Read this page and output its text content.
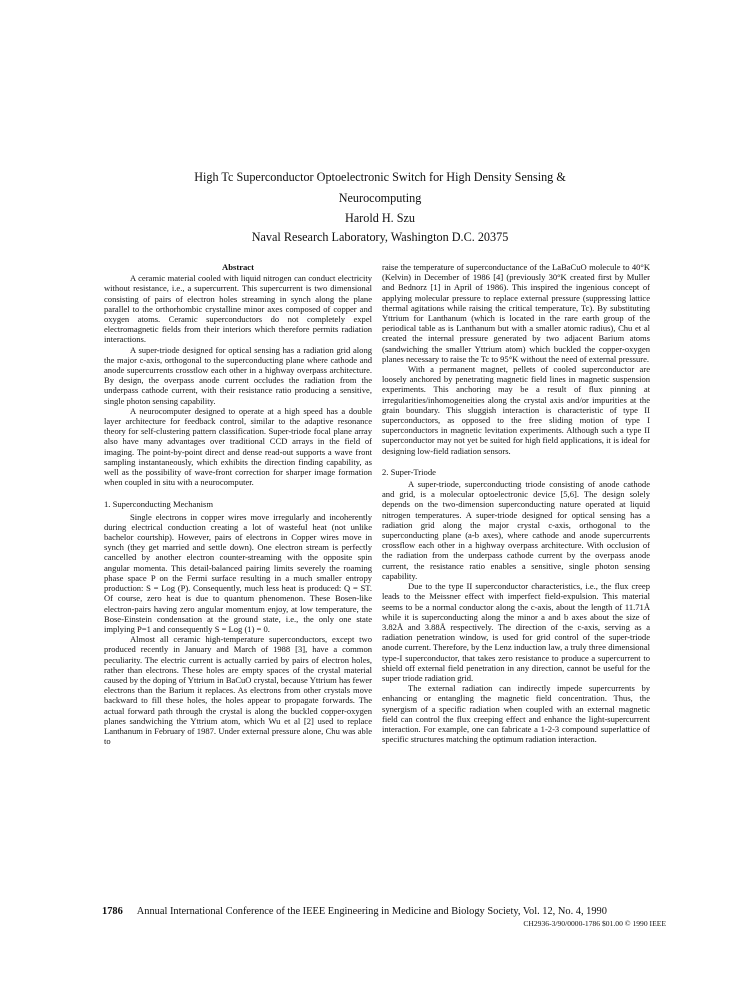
High Tc Superconductor Optoelectronic Switch for High Density Sensing &
Neurocomputing
Harold H. Szu
Naval Research Laboratory, Washington D.C. 20375
Abstract

A ceramic material cooled with liquid nitrogen can conduct electricity without resistance, i.e., a supercurrent. This supercurrent is two dimensional consisting of pairs of electron holes streaming in synch along the plane parallel to the orthorhombic crystalline minor axes composed of copper and oxygen atoms. Ceramic superconductors do not completely expel electromagnetic fields from their interiors which therefore permits radiation interactions.

A super-triode designed for optical sensing has a radiation grid along the major c-axis, orthogonal to the superconducting plane where cathode and anode supercurrents crosstlow each other in a highway overpass architecture. By design, the overpass anode current occludes the radiation from the underpass cathode current, with their resistance ratio producing a sensitive, single photon sensing capability.

A neurocomputer designed to operate at a high speed has a double layer architecture for feedback control, similar to the adaptive resonance theory for self-clustering pattern classification. Super-triode focal plane array also have many advantages over traditional CCD arrays in the field of imaging. The point-by-point direct and dense read-out supports a wave front sampling instantaneously, which exhibits the direction finding capability, as well as the possibility of wave-front correction for sharper image formation when coupled in situ with a neurocomputer.

1. Superconducting Mechanism

Single electrons in copper wires move irregularly and incoherently during electrical conduction creating a lot of wasteful heat (not unlike bachelor courtship). However, pairs of electrons in Copper wires move in synch (they get married and settle down). One electron stream is perfectly cancelled by another electron counter-streaming with the opposite spin angular momenta. This detail-balanced pairing limits severely the roaming phase space P on the Fermi surface resulting in a much smaller entropy production: S = Log (P). Consequently, much less heat is produced: Q = ST. Of course, zero heat is due to quantum phenomenon. These Bosen-like electron-pairs having zero angular momentum enjoy, at low temperature, the Bose-Einstein condensation at the ground state, i.e., the only one state implying P=1 and consequently S = Log (1) = 0.

Almost all ceramic high-temperature superconductors, except two produced recently in January and March of 1988 [3], have a common peculiarity. The electric current is actually carried by pairs of electron holes, rather than electrons. These holes are empty spaces of the crystal material caused by the doping of Yttrium in BaCuO crystal, because Yttrium has fewer electrons than the Barium it replaces. As electrons from other crystals move backward to fill these holes, the holes appear to propagate forwards. The actual forward path through the crystal is along the buckled copper-oxygen planes sandwiching the Yttrium atom, which Wu et al [2] used to replace Lanthanum in February of 1987. Under external pressure alone, Chu was able to

raise the temperature of superconductance of the LaBaCuO molecule to 40°K (Kelvin) in December of 1986 [4] (previously 30°K created first by Muller and Bednorz [1] in April of 1986). This inspired the ingenious concept of applying molecular pressure to replace external pressure (suppressing lattice thermal agitations while raising the critical temperature, Tc). By substituting Yttrium for Lanthanum (which is located in the rare earth group of the periodical table as is Lanthanum but with a smaller atomic radius), Chu et al created the internal pressure generated by two adjacent Barium atoms (sandwiching the smaller Yttrium atom) which buckled the copper-oxygen planes necessary to raise the Tc to 95°K without the need of external pressure.

With a permanent magnet, pellets of cooled superconductor are loosely anchored by penetrating magnetic field lines in magnetic suspension experiments. This anchoring may be a result of flux pinning at irregularities/inhomogeneities along the crystal axis and/or impurities at the grain boundary. This sluggish interaction is characteristic of type II superconductors, as opposed to the free sliding motion of type I superconductors in magnetic levitation experiments. Although such a type II superconductor may not yet be suited for high field applications, it is ideal for designing low-field radiation sensors.

2. Super-Triode

A super-triode, superconducting triode consisting of anode cathode and grid, is a molecular optoelectronic device [5,6]. The design solely depends on the two-dimension superconducting nature operated at liquid nitrogen temperatures. A super-triode designed for optical sensing has a radiation grid along the major crystal c-axis, orthogonal to the superconducting plane (a-b axes), where cathode and anode supercurrents crossflow each other in a highway overpass architecture. With occlusion of the radiation from the underpass cathode current by the overpass anode current, the resistance ratio enables a sensitive, single photon sensing capability.

Due to the type II superconductor characteristics, i.e., the flux creep leads to the Meissner effect with imperfect field-expulsion. This material seems to be a normal conductor along the c-axis, about the length of 11.71Å while it is superconducting along the minor a and b axes about the size of 3.82Å and 3.88Å respectively. The direction of the c-axis, serving as a radiation penetration window, is used for grid control of the super-triode anode current. Therefore, by the Lenz induction law, a truly three dimensional type-I superconductor, that takes zero resistance to produce a supercurrent to shield off external field penetration in any direction, cannot be useful for the super triode radiation grid.

The external radiation can indirectly impede supercurrents by enhancing or entangling the magnetic field concentration. Thus, the synergism of a specific radiation when coupled with an external magnetic field can control the flux creeping effect and enhance the light-supercurrent interaction. For example, one can fabricate a 1-2-3 compound superlattice of specific structures matching the optimum radiation interaction.

1786 Annual International Conference of the IEEE Engineering in Medicine and Biology Society, Vol. 12, No. 4, 1990
CH2936-3/90/0000-1786 $01.00 © 1990 IEEE
